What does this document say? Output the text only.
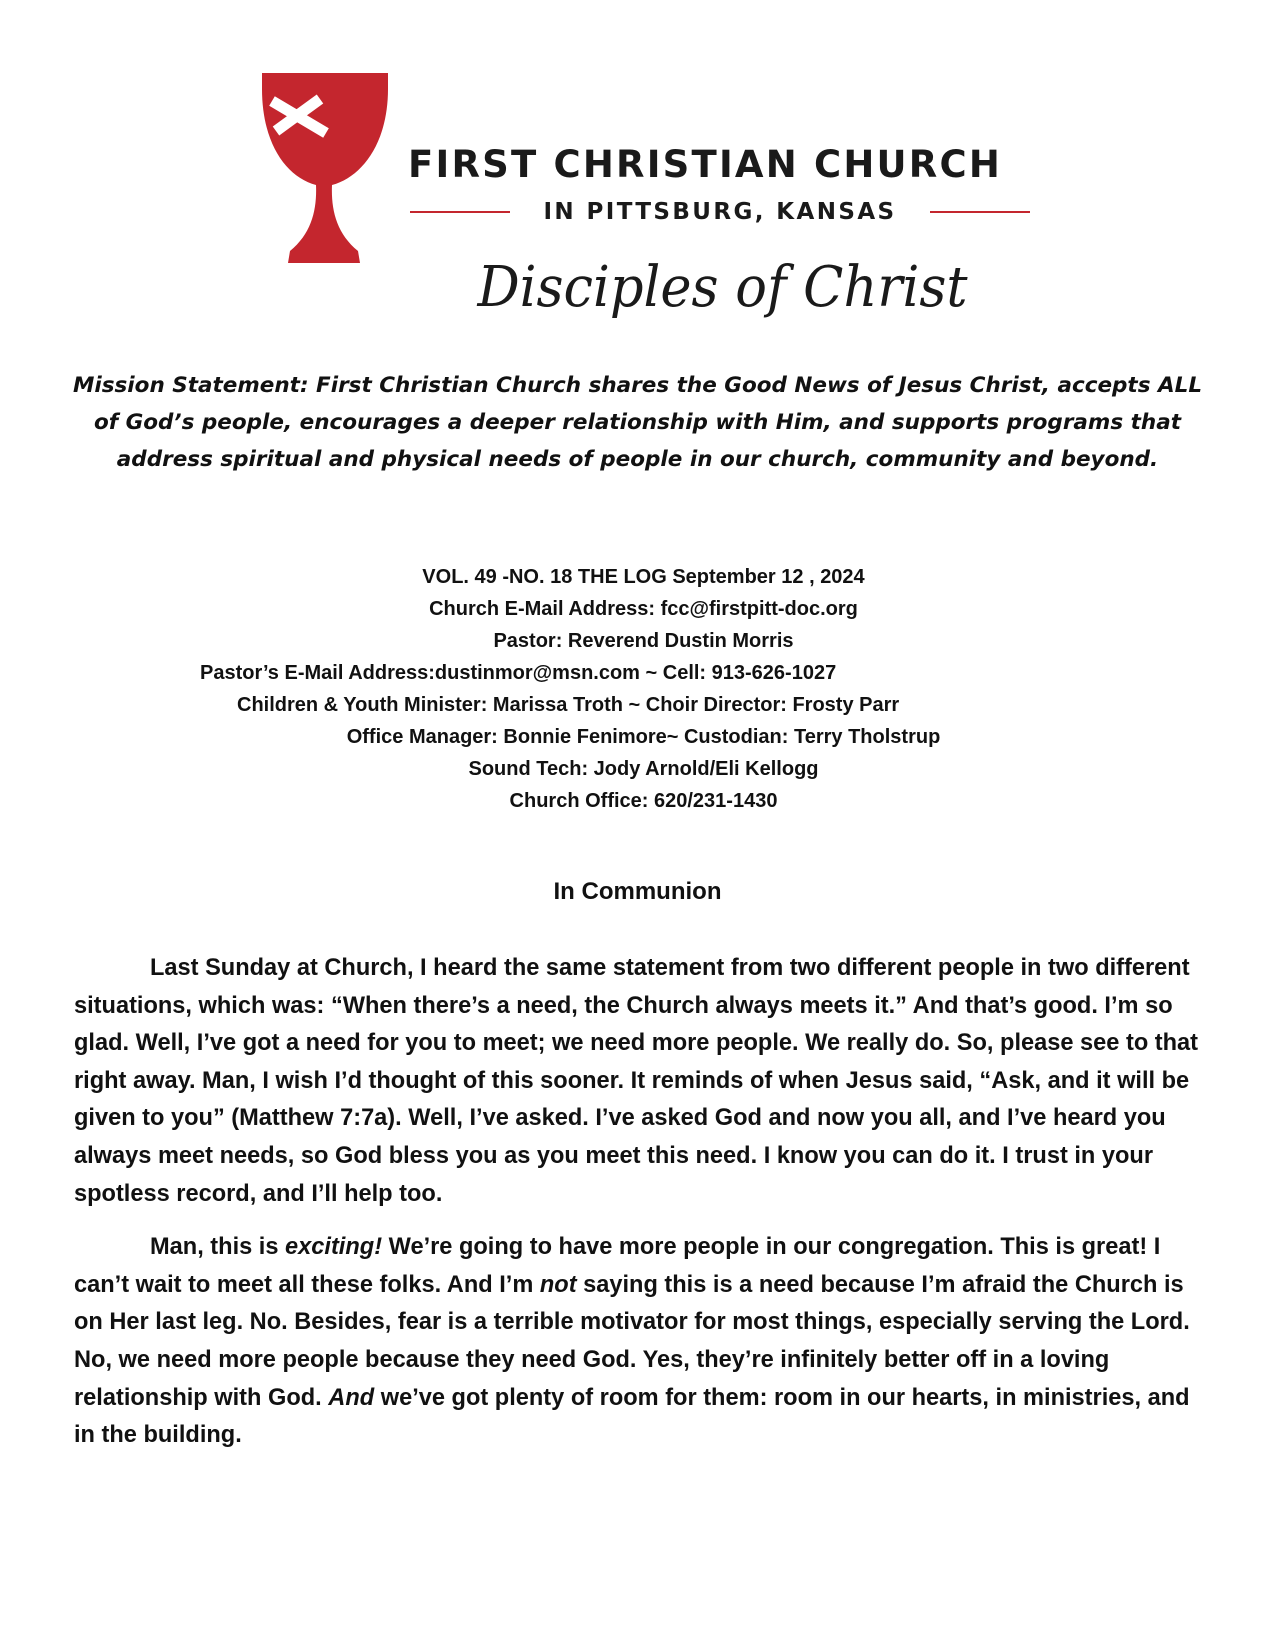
FIRST CHRISTIAN CHURCH
IN PITTSBURG, KANSAS
Disciples of Christ
Mission Statement: First Christian Church shares the Good News of Jesus Christ, accepts ALL of God’s people, encourages a deeper relationship with Him, and supports programs that address spiritual and physical needs of people in our church, community and beyond.
VOL. 49 -NO. 18 THE LOG September 12 , 2024
Church E-Mail Address: fcc@firstpitt-doc.org
Pastor: Reverend Dustin Morris
Pastor’s E-Mail Address:dustinmor@msn.com ~ Cell: 913-626-1027
Children & Youth Minister: Marissa Troth ~ Choir Director: Frosty Parr
Office Manager: Bonnie Fenimore~ Custodian: Terry Tholstrup
Sound Tech: Jody Arnold/Eli Kellogg
Church Office: 620/231-1430
In Communion

Last Sunday at Church, I heard the same statement from two different people in two different situations, which was: “When there’s a need, the Church always meets it.” And that’s good. I’m so glad. Well, I’ve got a need for you to meet; we need more people. We really do. So, please see to that right away. Man, I wish I’d thought of this sooner. It reminds of when Jesus said, “Ask, and it will be given to you” (Matthew 7:7a). Well, I’ve asked. I’ve asked God and now you all, and I’ve heard you always meet needs, so God bless you as you meet this need. I know you can do it. I trust in your spotless record, and I’ll help too.

Man, this is exciting! We’re going to have more people in our congregation. This is great! I can’t wait to meet all these folks. And I’m not saying this is a need because I’m afraid the Church is on Her last leg. No. Besides, fear is a terrible motivator for most things, especially serving the Lord. No, we need more people because they need God. Yes, they’re infinitely better off in a loving relationship with God. And we’ve got plenty of room for them: room in our hearts, in ministries, and in the building.
